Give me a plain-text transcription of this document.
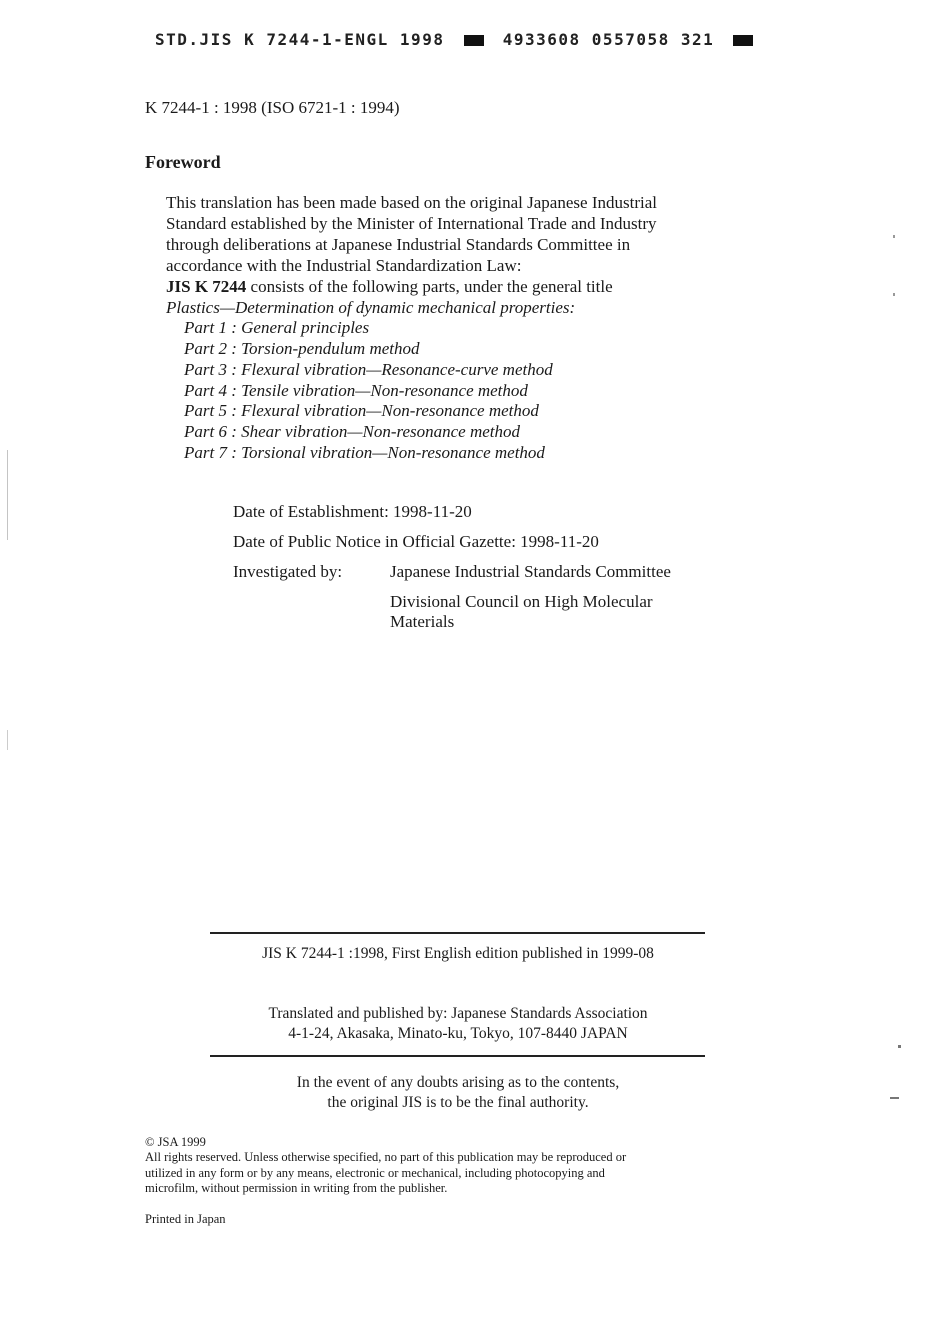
STD.JIS K 7244-1-ENGL 1998	4933608 0557058 321
K 7244-1 : 1998 (ISO 6721-1 : 1994)
Foreword
This translation has been made based on the original Japanese Industrial
Standard established by the Minister of International Trade and Industry
through deliberations at Japanese Industrial Standards Committee in
accordance with the Industrial Standardization Law:
JIS K 7244 consists of the following parts, under the general title
Plastics—Determination of dynamic mechanical properties:
Part 1 : General principles
Part 2 : Torsion-pendulum method
Part 3 : Flexural vibration—Resonance-curve method
Part 4 : Tensile vibration—Non-resonance method
Part 5 : Flexural vibration—Non-resonance method
Part 6 : Shear vibration—Non-resonance method
Part 7 : Torsional vibration—Non-resonance method
Date of Establishment: 1998-11-20
Date of Public Notice in Official Gazette: 1998-11-20
Investigated by:	Japanese Industrial Standards Committee
Divisional Council on High Molecular
Materials
JIS K 7244-1 :1998, First English edition published in 1999-08
Translated and published by: Japanese Standards Association
4-1-24, Akasaka, Minato-ku, Tokyo, 107-8440 JAPAN
In the event of any doubts arising as to the contents,
the original JIS is to be the final authority.
© JSA 1999
All rights reserved. Unless otherwise specified, no part of this publication may be reproduced or
utilized in any form or by any means, electronic or mechanical, including photocopying and
microfilm, without permission in writing from the publisher.
Printed in Japan
